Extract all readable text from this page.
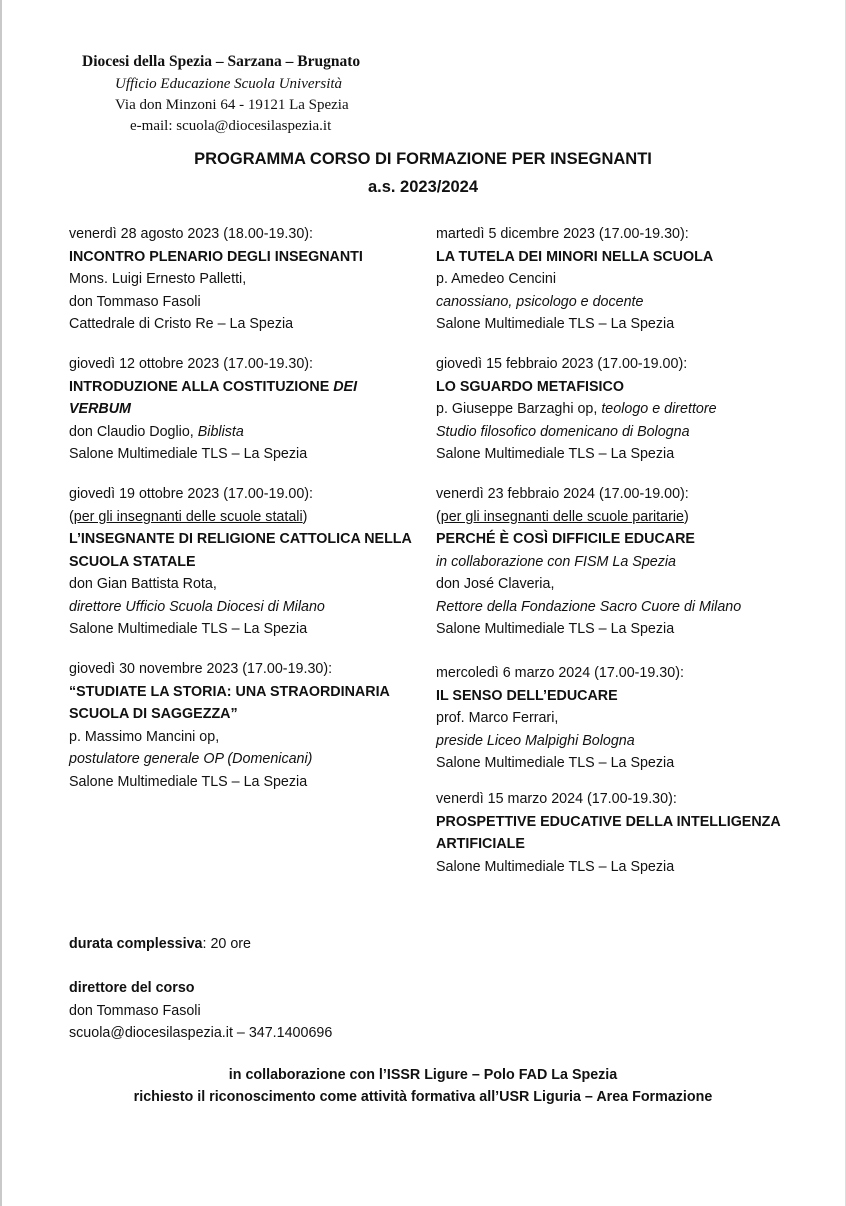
Diocesi della Spezia – Sarzana – Brugnato
Ufficio Educazione Scuola Università
Via don Minzoni 64 - 19121 La Spezia
e-mail: scuola@diocesilaspezia.it
PROGRAMMA CORSO DI FORMAZIONE PER INSEGNANTI
a.s. 2023/2024
venerdì 28 agosto 2023 (18.00-19.30):
INCONTRO PLENARIO DEGLI INSEGNANTI
Mons. Luigi Ernesto Palletti,
don Tommaso Fasoli
Cattedrale di Cristo Re – La Spezia
giovedì 12 ottobre 2023 (17.00-19.30):
INTRODUZIONE ALLA COSTITUZIONE DEI
VERBUM
don Claudio Doglio, Biblista
Salone Multimediale TLS – La Spezia
giovedì 19 ottobre 2023 (17.00-19.00):
(per gli insegnanti delle scuole statali)
L’INSEGNANTE DI RELIGIONE CATTOLICA NELLA
SCUOLA STATALE
don Gian Battista Rota,
direttore Ufficio Scuola Diocesi di Milano
Salone Multimediale TLS – La Spezia
giovedì 30 novembre 2023 (17.00-19.30):
“STUDIATE LA STORIA: UNA STRAORDINARIA
SCUOLA DI SAGGEZZA”
p. Massimo Mancini op,
postulatore generale OP (Domenicani)
Salone Multimediale TLS – La Spezia
martedì 5 dicembre 2023 (17.00-19.30):
LA TUTELA DEI MINORI NELLA SCUOLA
p. Amedeo Cencini
canossiano, psicologo e docente
Salone Multimediale TLS – La Spezia
giovedì 15 febbraio 2023 (17.00-19.00):
LO SGUARDO METAFISICO
p. Giuseppe Barzaghi op, teologo e direttore
Studio filosofico domenicano di Bologna
Salone Multimediale TLS – La Spezia
venerdì 23 febbraio 2024 (17.00-19.00):
(per gli insegnanti delle scuole paritarie)
PERCHÉ È COSÌ DIFFICILE EDUCARE
in collaborazione con FISM La Spezia
don José Claveria,
Rettore della Fondazione Sacro Cuore di Milano
Salone Multimediale TLS – La Spezia
mercoledì 6 marzo 2024 (17.00-19.30):
IL SENSO DELL’EDUCARE
prof. Marco Ferrari,
preside Liceo Malpighi Bologna
Salone Multimediale TLS – La Spezia
venerdì 15 marzo 2024 (17.00-19.30):
PROSPETTIVE EDUCATIVE DELLA INTELLIGENZA
ARTIFICIALE
Salone Multimediale TLS – La Spezia
durata complessiva: 20 ore
direttore del corso
don Tommaso Fasoli
scuola@diocesilaspezia.it – 347.1400696
in collaborazione con l’ISSR Ligure – Polo FAD La Spezia
richiesto il riconoscimento come attività formativa all’USR Liguria – Area Formazione
